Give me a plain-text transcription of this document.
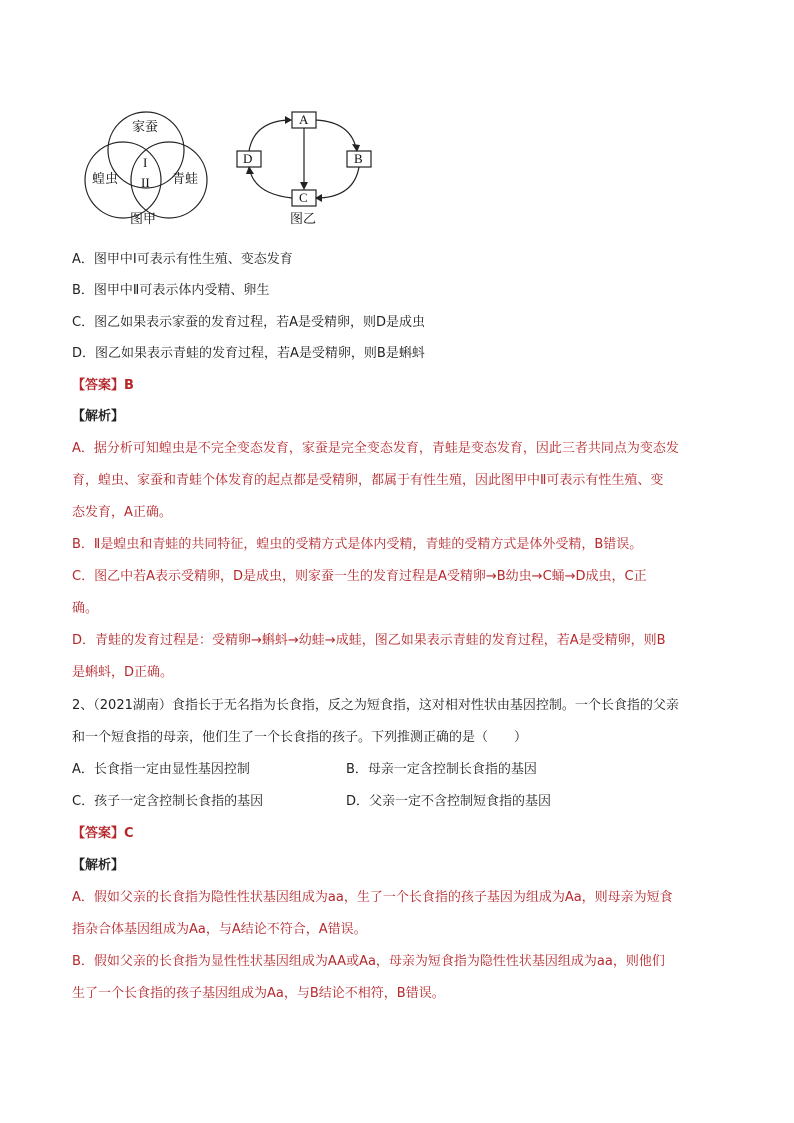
家蚕
蝗虫	青蛙
I
II
图甲
A
B
C
D
图乙
A．图甲中Ⅰ可表示有性生殖、变态发育
B．图甲中Ⅱ可表示体内受精、卵生
C．图乙如果表示家蚕的发育过程，若A是受精卵，则D是成虫
D．图乙如果表示青蛙的发育过程，若A是受精卵，则B是蝌蚪
【答案】B
【解析】
A．据分析可知蝗虫是不完全变态发育，家蚕是完全变态发育，青蛙是变态发育，因此三者共同点为变态发
育，蝗虫、家蚕和青蛙个体发育的起点都是受精卵，都属于有性生殖，因此图甲中Ⅱ可表示有性生殖、变
态发育，A正确。
B．Ⅱ是蝗虫和青蛙的共同特征，蝗虫的受精方式是体内受精，青蛙的受精方式是体外受精，B错误。
C．图乙中若A表示受精卵，D是成虫，则家蚕一生的发育过程是A受精卵→B幼虫→C蛹→D成虫，C正
确。
D．青蛙的发育过程是：受精卵→蝌蚪→幼蛙→成蛙，图乙如果表示青蛙的发育过程，若A是受精卵，则B
是蝌蚪，D正确。
2、（2021湖南）食指长于无名指为长食指，反之为短食指，这对相对性状由基因控制。一个长食指的父亲
和一个短食指的母亲，他们生了一个长食指的孩子。下列推测正确的是（　　）
A．长食指一定由显性基因控制	B．母亲一定含控制长食指的基因
C．孩子一定含控制长食指的基因	D．父亲一定不含控制短食指的基因
【答案】C
【解析】
A．假如父亲的长食指为隐性性状基因组成为aa，生了一个长食指的孩子基因为组成为Aa，则母亲为短食
指杂合体基因组成为Aa，与A结论不符合，A错误。
B．假如父亲的长食指为显性性状基因组成为AA或Aa，母亲为短食指为隐性性状基因组成为aa，则他们
生了一个长食指的孩子基因组成为Aa，与B结论不相符，B错误。
